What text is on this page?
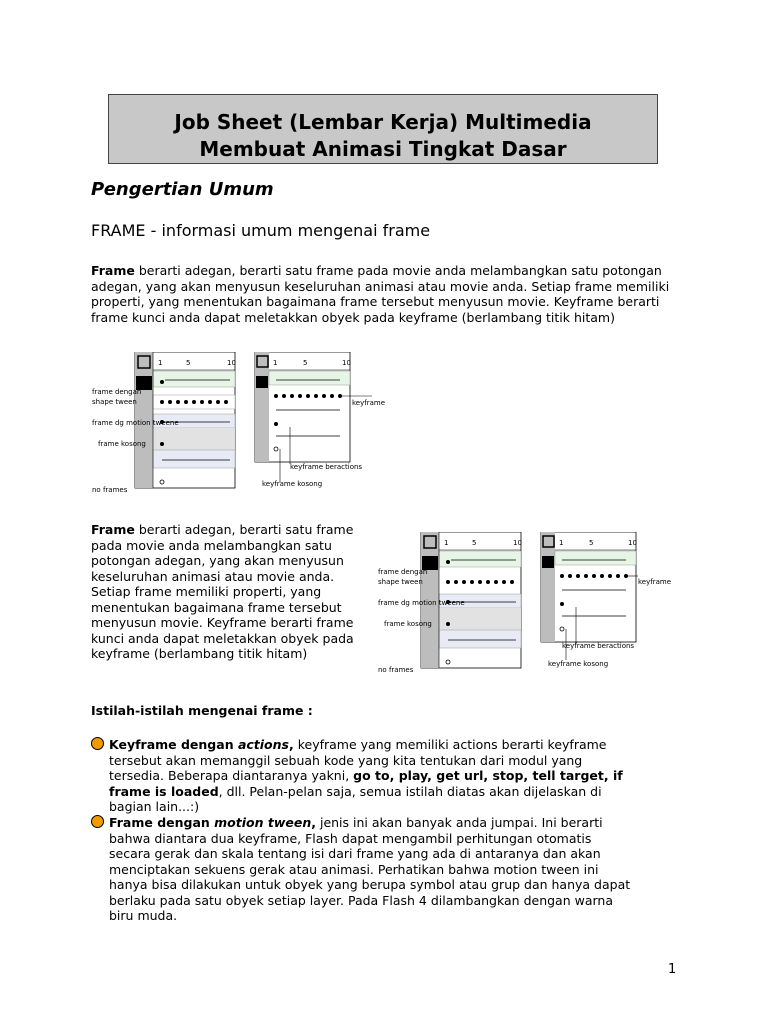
Job Sheet (Lembar Kerja) Multimedia
Membuat Animasi Tingkat Dasar
Pengertian Umum
FRAME - informasi umum mengenai frame
Frame berarti adegan, berarti satu frame pada movie anda melambangkan satu potongan adegan, yang akan menyusun keseluruhan animasi atau movie anda. Setiap frame memiliki properti, yang menentukan bagaimana frame tersebut menyusun movie. Keyframe berarti frame kunci anda dapat meletakkan obyek pada keyframe (berlambang titik hitam)
1	5	10
frame dengan
shape tween
frame dg motion tweene
frame kosong
no frames
1	5	10
keyframe
keyframe beractions
keyframe kosong
Frame berarti adegan, berarti satu frame pada movie anda melambangkan satu potongan adegan, yang akan menyusun keseluruhan animasi atau movie anda. Setiap frame memiliki properti, yang menentukan bagaimana frame tersebut menyusun movie. Keyframe berarti frame kunci anda dapat meletakkan obyek pada keyframe (berlambang titik hitam)
1	5	10
frame dengan
shape tween
frame dg motion tweene
frame kosong
no frames
1	5	10
keyframe
keyframe beractions
keyframe kosong
Istilah-istilah mengenai frame :
Keyframe dengan actions, keyframe yang memiliki actions berarti keyframe tersebut akan memanggil sebuah kode yang kita tentukan dari modul yang tersedia. Beberapa diantaranya yakni, go to, play, get url, stop, tell target, if frame is loaded, dll. Pelan-pelan saja, semua istilah diatas akan dijelaskan di bagian lain...:)
Frame dengan motion tween, jenis ini akan banyak anda jumpai. Ini berarti bahwa diantara dua keyframe, Flash dapat mengambil perhitungan otomatis secara gerak dan skala tentang isi dari frame yang ada di antaranya dan akan menciptakan sekuens gerak atau animasi. Perhatikan bahwa motion tween ini hanya bisa dilakukan untuk obyek yang berupa symbol atau grup dan hanya dapat berlaku pada satu obyek setiap layer. Pada Flash 4 dilambangkan dengan warna biru muda.
1
